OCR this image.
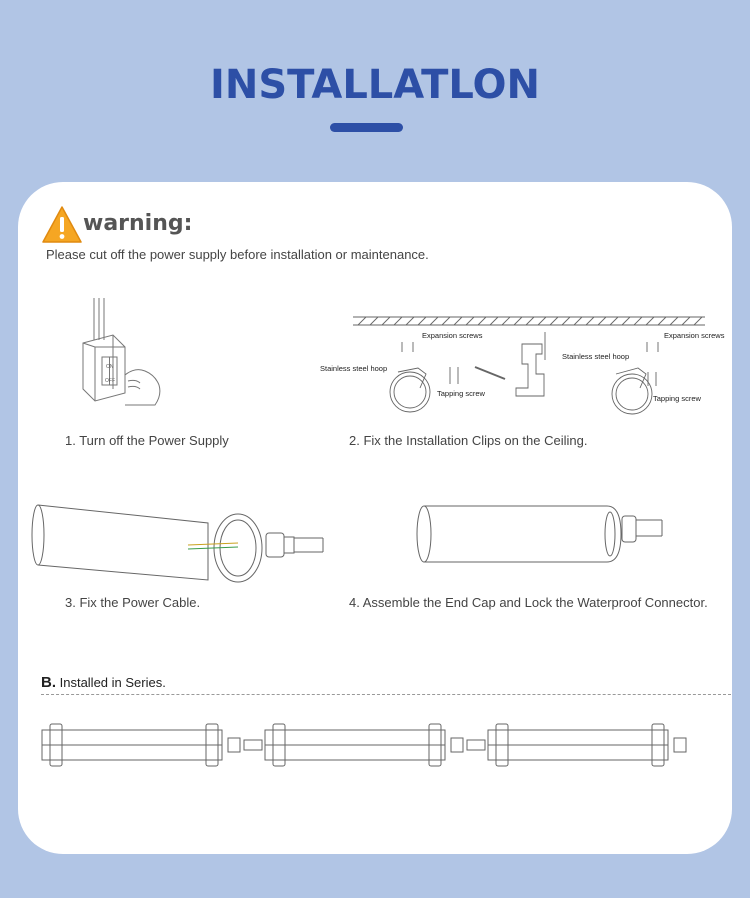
INSTALLATLON
warning:
Please cut off the power supply before installation or maintenance.
ON
OFF
1. Turn off the Power Supply
Expansion screws	Expansion screws
Stainless steel hoop
Stainless steel hoop
Tapping screw
Tapping screw
2. Fix the Installation Clips on the Ceiling.
3. Fix the Power Cable.	4. Assemble the End Cap and Lock the Waterproof Connector.
B. Installed in Series.
